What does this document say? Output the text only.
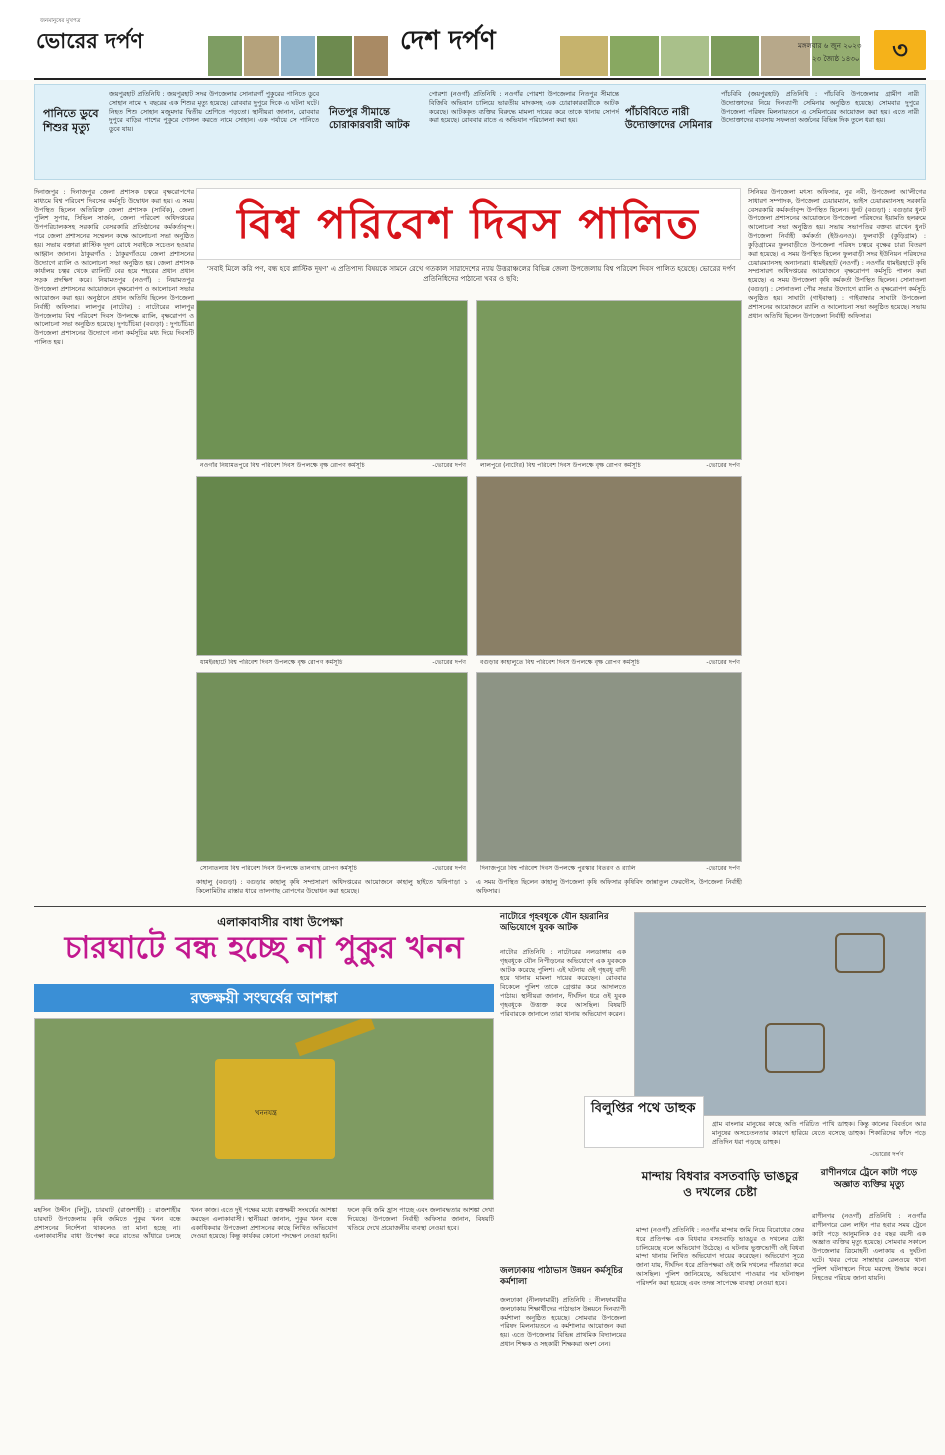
জনমানুষের মুখপত্র
ভোরের দর্পণ	দেশ দর্পণ	মঙ্গলবার ৬ জুন ২০২৩
২৩ জ্যৈষ্ঠ ১৪৩০ ৩
পানিতে ডুবে শিশুর মৃত্যু
জয়পুরহাট প্রতিনিধি : জয়পুরহাট সদর উপজেলার সোনারগাঁ পুকুরের পানিতে ডুবে সোহান নামে ৭ বছরের এক শিশুর মৃত্যু হয়েছে। রোববার দুপুরে দিকে এ ঘটনা ঘটে। নিহত শিশু সোহান মজুমদার দ্বিতীয় শ্রেণিতে পড়তো। স্থানীয়রা জানান, রোববার দুপুরে বাড়ির পাশের পুকুরে গোসল করতে নামে সোহান। এক পর্যায়ে সে পানিতে ডুবে যায়।
নিতপুর সীমান্তে চোরাকারবারী আটক
পোরশা (নওগাঁ) প্রতিনিধি : নওগাঁর পোরশা উপজেলার নিতপুর সীমান্তে বিজিবি অভিযান চালিয়ে ভারতীয় মাদকসহ এক চোরাকারবারীকে আটক করেছে। আটককৃত ব্যক্তির বিরুদ্ধে মামলা দায়ের করে তাকে থানায় সোপর্দ করা হয়েছে। রোববার রাতে এ অভিযান পরিচালনা করা হয়।
পাঁচবিবিতে নারী উদ্যোক্তাদের সেমিনার
পাঁচবিবি (জয়পুরহাট) প্রতিনিধি : পাঁচবিবি উপজেলার গ্রামীণ নারী উদ্যোক্তাদের নিয়ে দিনব্যাপী সেমিনার অনুষ্ঠিত হয়েছে। সোমবার দুপুরে উপজেলা পরিষদ মিলনায়তনে এ সেমিনারের আয়োজন করা হয়। এতে নারী উদ্যোক্তাদের ব্যবসায় সফলতা অর্জনের বিভিন্ন দিক তুলে ধরা হয়।
দিনাজপুর : দিনাজপুর জেলা প্রশাসক চত্বরে বৃক্ষরোপণের মাধ্যমে বিশ্ব পরিবেশ দিবসের কর্মসূচি উদ্বোধন করা হয়। এ সময় উপস্থিত ছিলেন অতিরিক্ত জেলা প্রশাসক (সার্বিক), জেলা পুলিশ সুপার, সিভিল সার্জন, জেলা পরিবেশ অধিদপ্তরের উপপরিচালকসহ সরকারি বেসরকারি প্রতিষ্ঠানের কর্মকর্তাবৃন্দ। পরে জেলা প্রশাসনের সম্মেলন কক্ষে আলোচনা সভা অনুষ্ঠিত হয়। সভায় বক্তারা প্লাস্টিক দূষণ রোধে সবাইকে সচেতন হওয়ার আহ্বান জানান। ঠাকুরগাঁও : ঠাকুরগাঁওয়ে জেলা প্রশাসনের উদ্যোগে র‍্যালি ও আলোচনা সভা অনুষ্ঠিত হয়। জেলা প্রশাসক কার্যালয় চত্বর থেকে র‍্যালিটি বের হয়ে শহরের প্রধান প্রধান সড়ক প্রদক্ষিণ করে। নিয়ামতপুর (নওগাঁ) : নিয়ামতপুর উপজেলা প্রশাসনের আয়োজনে বৃক্ষরোপণ ও আলোচনা সভার আয়োজন করা হয়। অনুষ্ঠানে প্রধান অতিথি ছিলেন উপজেলা নির্বাহী অফিসার। লালপুর (নাটোর) : নাটোরের লালপুর উপজেলায় বিশ্ব পরিবেশ দিবস উপলক্ষে র‍্যালি, বৃক্ষরোপণ ও আলোচনা সভা অনুষ্ঠিত হয়েছে। দুপচাঁচিয়া (বগুড়া) : দুপচাঁচিয়া উপজেলা প্রশাসনের উদ্যোগে নানা কর্মসূচির মধ্য দিয়ে দিবসটি পালিত হয়।
বিশ্ব পরিবেশ দিবস পালিত
‘সবাই মিলে করি পণ, বন্ধ হবে প্লাস্টিক দূষণ’ এ প্রতিপাদ্য বিষয়কে সামনে রেখে গতকাল সারাদেশের ন্যায় উত্তরাঞ্চলের বিভিন্ন জেলা উপজেলায় বিশ্ব পরিবেশ দিবস পালিত হয়েছে। ভোরের দর্পণ প্রতিনিধিদের পাঠানো খবর ও ছবি:
নওগাঁর নিয়ামতপুরে বিশ্ব পরিবেশ দিবস উপলক্ষে বৃক্ষ রোপণ কর্মসূচি	-ভোরের দর্পণ লালপুরে (নাটোর) বিশ্ব পরিবেশ দিবস উপলক্ষে বৃক্ষ রোপণ কর্মসূচি	-ভোরের দর্পণ
ধামইরহাটে বিশ্ব পরিবেশ দিবস উপলক্ষে বৃক্ষ রোপণ কর্মসূচি	-ভোরের দর্পণ বগুড়ার কাহালুতে বিশ্ব পরিবেশ দিবস উপলক্ষে বৃক্ষ রোপণ কর্মসূচি	-ভোরের দর্পণ
সোনাতলায় বিশ্ব পরিবেশ দিবস উপলক্ষে তালগাছ রোপণ কর্মসূচি	-ভোরের দর্পণ দিনাজপুরে বিশ্ব পরিবেশ দিবস উপলক্ষে পুরস্কার বিতরণ ও র‍্যালি	-ভোরের দর্পণ
কাহালু (বগুড়া) : বগুড়ার কাহালু কৃষি সম্প্রসারণ অধিদপ্তরের আয়োজনে কাহালু ছাইতে ঋষিপাড়া ১ কিলোমিটার রাস্তার ধারে তালগাছ রোপণের উদ্বোধন করা হয়েছে।
এ সময় উপস্থিত ছিলেন কাহালু উপজেলা কৃষি অফিসার কৃষিবিদ জান্নাতুল ফেরদৌস, উপজেলা নির্বাহী অফিসার।
সিনিয়র উপজেলা মৎস্য অফিসার, নুর নবী, উপজেলা আ'লীগের সাধারণ সম্পাদক, উপজেলা চেয়ারম্যান, ভাইস চেয়ারম্যানসহ সরকারি বেসরকারি কর্মকর্তাবৃন্দ উপস্থিত ছিলেন। ধুনট (বগুড়া) : বগুড়ার ধুনট উপজেলা প্রশাসনের আয়োজনে উপজেলা পরিষদের ইয়ামতি হলরুমে আলোচনা সভা অনুষ্ঠিত হয়। সভায় সভাপতির বক্তব্য রাখেন ধুনট উপজেলা নির্বাহী কর্মকর্তা (ইউএনও)। ফুলবাড়ী (কুড়িগ্রাম) : কুড়িগ্রামের ফুলবাড়ীতে উপজেলা পরিষদ চত্বরে বৃক্ষের চারা বিতরণ করা হয়েছে। এ সময় উপস্থিত ছিলেন ফুলবাড়ী সদর ইউনিয়ন পরিষদের চেয়ারম্যানসহ অন্যান্যরা। ধামইরহাট (নওগাঁ) : নওগাঁর ধামইরহাটে কৃষি সম্প্রসারণ অধিদপ্তরের আয়োজনে বৃক্ষরোপণ কর্মসূচি পালন করা হয়েছে। এ সময় উপজেলা কৃষি কর্মকর্তা উপস্থিত ছিলেন। সোনাতলা (বগুড়া) : সোনাতলা পৌর সভার উদ্যোগে র‍্যালি ও বৃক্ষরোপণ কর্মসূচি অনুষ্ঠিত হয়। সাঘাটা (গাইবান্ধা) : গাইবান্ধার সাঘাটা উপজেলা প্রশাসনের আয়োজনে র‍্যালি ও আলোচনা সভা অনুষ্ঠিত হয়েছে। সভায় প্রধান অতিথি ছিলেন উপজেলা নির্বাহী অফিসার।
এলাকাবাসীর বাধা উপেক্ষা
চারঘাটে বন্ধ হচ্ছে না পুকুর খনন
রক্তক্ষয়ী সংঘর্ষের আশঙ্কা
খননযন্ত্র
মহসিন উদ্দীন (লিটু), চারঘাট (রাজশাহী) : রাজশাহীর চারঘাট উপজেলায় কৃষি জমিতে পুকুর খনন বন্ধে প্রশাসনের নির্দেশনা থাকলেও তা মানা হচ্ছে না। এলাকাবাসীর বাধা উপেক্ষা করে রাতের আঁধারে চলছে খনন কাজ। এতে দুই পক্ষের মধ্যে রক্তক্ষয়ী সংঘর্ষের আশঙ্কা করছেন এলাকাবাসী। স্থানীয়রা জানান, পুকুর খনন বন্ধে একাধিকবার উপজেলা প্রশাসনের কাছে লিখিত অভিযোগ দেওয়া হয়েছে। কিন্তু কার্যকর কোনো পদক্ষেপ নেওয়া হয়নি। ফলে কৃষি জমি হ্রাস পাচ্ছে এবং জলাবদ্ধতার আশঙ্কা দেখা দিয়েছে। উপজেলা নির্বাহী অফিসার জানান, বিষয়টি খতিয়ে দেখে প্রয়োজনীয় ব্যবস্থা নেওয়া হবে।
নাটোরে গৃহবধূকে যৌন হয়রানির অভিযোগে যুবক আটক
নাটোর প্রতিনিধি : নাটোরের নলডাঙ্গায় এক গৃহবধূকে যৌন নিপীড়নের অভিযোগে এক যুবককে আটক করেছে পুলিশ। এই ঘটনায় ওই গৃহবধূ বাদী হয়ে থানায় মামলা দায়ের করেছেন। রোববার বিকেলে পুলিশ তাকে গ্রেপ্তার করে আদালতে পাঠায়। স্থানীয়রা জানান, দীর্ঘদিন ধরে ওই যুবক গৃহবধূকে উত্ত্যক্ত করে আসছিল। বিষয়টি পরিবারকে জানালে তারা থানায় অভিযোগ করেন।
জলঢাকায় পাঠাভাস উন্নয়ন কর্মসূচির কর্মশালা
জলঢাকা (নীলফামারী) প্রতিনিধি : নীলফামারীর জলঢাকায় শিক্ষার্থীদের পাঠাভাস উন্নয়নে দিনব্যাপী কর্মশালা অনুষ্ঠিত হয়েছে। সোমবার উপজেলা পরিষদ মিলনায়তনে এ কর্মশালার আয়োজন করা হয়। এতে উপজেলার বিভিন্ন প্রাথমিক বিদ্যালয়ের প্রধান শিক্ষক ও সহকারী শিক্ষকরা অংশ নেন।
বিলুপ্তির পথে ডাহুক
গ্রাম বাংলার মানুষের কাছে অতি পরিচিত পাখি ডাহুক। কিন্তু কালের বিবর্তনে আর মানুষের অসচেতনতার কারণে হারিয়ে যেতে বসেছে ডাহুক। শিকারিদের ফাঁদে পড়ে প্রতিদিন ধরা পড়ছে ডাহুক।
-ভোরের দর্পণ
মান্দায় বিধবার বসতবাড়ি ভাঙচুর ও দখলের চেষ্টা
মান্দা (নওগাঁ) প্রতিনিধি : নওগাঁর মান্দায় জমি নিয়ে বিরোধের জের ধরে প্রতিপক্ষ এক বিধবার বসতবাড়ি ভাঙচুর ও দখলের চেষ্টা চালিয়েছে বলে অভিযোগ উঠেছে। এ ঘটনায় ভুক্তভোগী ওই বিধবা মান্দা থানায় লিখিত অভিযোগ দায়ের করেছেন। অভিযোগ সূত্রে জানা যায়, দীর্ঘদিন ধরে প্রতিপক্ষরা ওই জমি দখলের পাঁয়তারা করে আসছিল। পুলিশ জানিয়েছে, অভিযোগ পাওয়ার পর ঘটনাস্থল পরিদর্শন করা হয়েছে এবং তদন্ত সাপেক্ষে ব্যবস্থা নেওয়া হবে।
রাণীনগরে ট্রেনে কাটা পড়ে অজ্ঞাত ব্যক্তির মৃত্যু
রাণীনগর (নওগাঁ) প্রতিনিধি : নওগাঁর রাণীনগরে রেল লাইন পার হবার সময় ট্রেনে কাটা পড়ে আনুমানিক ৫৫ বছর বয়সী এক অজ্ঞাত ব্যক্তির মৃত্যু হয়েছে। সোমবার সকালে উপজেলার ত্রিমোহনী এলাকায় এ দুর্ঘটনা ঘটে। খবর পেয়ে সান্তাহার রেলওয়ে থানা পুলিশ ঘটনাস্থলে গিয়ে মরদেহ উদ্ধার করে। নিহতের পরিচয় জানা যায়নি।
